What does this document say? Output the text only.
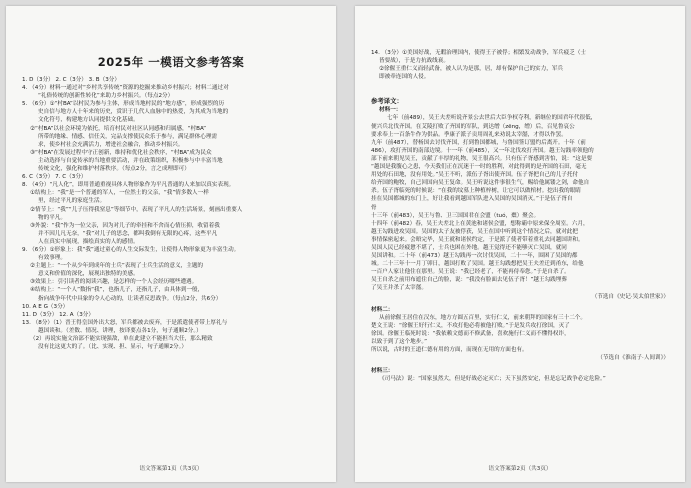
2025年 一模语文参考答案
1. D（3分） 2. C（3分） 3. B（3分）
4. （4分）材料一通过对“乡村共享传统”资源的挖掘来推动乡村振兴；材料二通过对
“礼俗传统的创新性转化”来助力乡村振兴。（每点2分）
5. （6分）①“村BA”以村民为参与主体，形成当地村民的“地方感”，形成强烈的历
史自信与地方人十年来的历史，赏识于几代人血脉中的热爱，为其成为当地的
文化符号，构建地方认同提供文化基础。
②“村BA”以社会环境为依托，培育村民对社区认同感和归属感，“村BA”
所带的地缘、情感、信任关，完品支撑使民众乐于参与，满足群体心理需
求，使乡村社会充满活力，增进社会融合，推动乡村振兴。
③“村BA”在发展过程中守正创新，维持和优化社会秩序，“村BA”成为民众
主动选择与自觉传承的当地重要活动，并在政策组织，积极参与中丰富当地
传统文化，强化和维护村落秩序。（每点2分，言之成理即可）
6. C（3分） 7. C（3分）
8. （4分）“凡人化”，即用普通重视具体人物形象作为平凡普通的人来加以真实表现。
①结构上：“我”是一个普通的军人，一位然士的父亲，“我”情多数人一样
里，经过平凡的家庭生活。
②情节上：“我”“儿子压得我窒息”等细节中，表现了平凡人的生活场景，刻画出重要人
物的平凡。
③外貌：“我”作为一位父亲，因为对儿子的牵挂和不舍而心情压抑，收留着我
并不因儿凡无奈，“我”对儿子的思念，都叫我倒有无限的心疼，这些平凡
人在真实中展现，描绘真实的人的感情。
9. （6分）①形象上：我“我”通过童心的人生交际发生，让使得人物形象更为丰富生动。
有效事理。
②主题上：“一个从少年到成年的士兵”表现了士兵生活的意义，主题的
意义和价值的深化，展现出独特的美感。
③效果上：引引读者的阅读兴趣，是怎样的一个人会经历哪些遭遇。
④结构上：“一个人”数指“我”，也指儿子，还指儿子，由具体到一般，
指向战争年代中具象的令人心动的，让读者反思战争。（每点2分，共6分）
10. A E G（3分）
11. D（3分） 12. A（3分）
13. （8分）（1）晋王得皇国外出大怒，军兵都被去废弃，于是派遣使者带上厚礼与
越国谈和。（差数、情况、讲理，按译要点各1分，句子通顺2分。）
（2）再说实施文治部不能实现强敌，单在此建立不能担当大任，那么精致
没有比这更大的了。（比、实现、担、显示，句子通顺2分。）
语文答案第1页（共3页）
14. （3分）①美国好战，无暇治理国内，使得王子被俘；相繁发动战争，军兵疲乏（士
皆要战），于是力抗战线衰。
②徐偃王重仁义而轻武备，被人认为是那，居，却有保护自己的实力，军兵
即被牵连国的人侵。
参考译文：
材料一：
七年（前489），吴王夫差听说齐景公去世后大臣争权夺利，新继位的国君年代很低，
便兴兵北伐齐国。在艾陵打败了齐国的军队，到达缯（zēng，缯）后，召见鲁哀公
要求奉上一百条牛作为供品。季康子派子贡用周礼来劝说太宰嚭，才得以作罢。
九年（前487），替杨国去讨伐齐国，打到鲁国都城，与鲁国签订盟约后离开。十年（前
486），攻打齐国的南部边境。十一年（前485），又一年北伐攻打齐国。越王勾践率领他的
部下前来朝见吴王，贡献了丰厚的礼物，吴王很高兴。只有伍子胥感到害怕，说：“这是要
“越国是我腹心之患，今天我们正在沉迷于一时的胜利，对此得到的是齐国的石田，毫无
用处的石田地，没有用处。”吴王不听，派伍子胥出使齐国。伍子胥把自己的儿子托付
给齐国的鲍牧，自己回国向吴王复命。吴王听说这件事很生气，赐给他属镂之剑，命他自
杀。伍子胥临死的时候说：“在我的坟墓上种植梓树，让它可以做棺材。挖出我的眼睛
挂在吴国都城的东门上，好让我看到越国军队进入吴国的吴国消灭。”于是伍子胥自
骨
十三年（前483），吴王与鲁、卫三国国君在会盟（tuó，橐）聚会。
十四年（前482）春，吴王夫差北上在黄池和诸侯会盟，想称霸中原来保全周室。六月，
越王勾践进攻吴国。吴国的太子友被俘获，吴王在国中听到这个情况之后，就对此把
事情保密起来。会晤完毕，吴王就和诸侯约定，于是派了使者带着重礼去同越国讲和。
吴国人民已经疲惫不堪了，士兵也困在外地。越王觉得还不能够灭亡吴国，就同
吴国讲和。二十年（前473）越王勾践再一次讨伐吴国，二十一年，围困了吴国的都
城。二十三年十一月丁卯日，越国打败了吴国。越王勾践想把吴王夫差迁到甬东，给他
一百户人家让他住在那里。吴王说：“我已经老了，不能再侍奉您。”于是自杀了。
吴王自杀之前用布遮住自己的脸，说：“我没有脸面去见伍子胥！”越王勾践埋葬
了吴王并杀了太宰嚭。
（节选自《史记·吴太伯世家》）
材料二：
从前徐偃王居住在汉东，地方方圆五百里，实行仁义，前来朝拜的国家有三十二个。
楚文王说：“徐偃王好行仁义，不攻打他必将被他打败。”于是发兵攻打徐国，灭了
徐国。徐偃王临死时说：“我依赖文德而不修武备，喜欢施行仁义而不懂得权诈，
以致于到了这个地步。”
所以说，古时的王道仁德有用的方面，而现在无用的方面也有。
（节选自《淮南子·人间训》）
材料三：
《司马法》说：“国家虽然大，但是好战必定灭亡；天下虽然安定，但是忘记战争必定危险。”
语文答案第2页（共3页）
